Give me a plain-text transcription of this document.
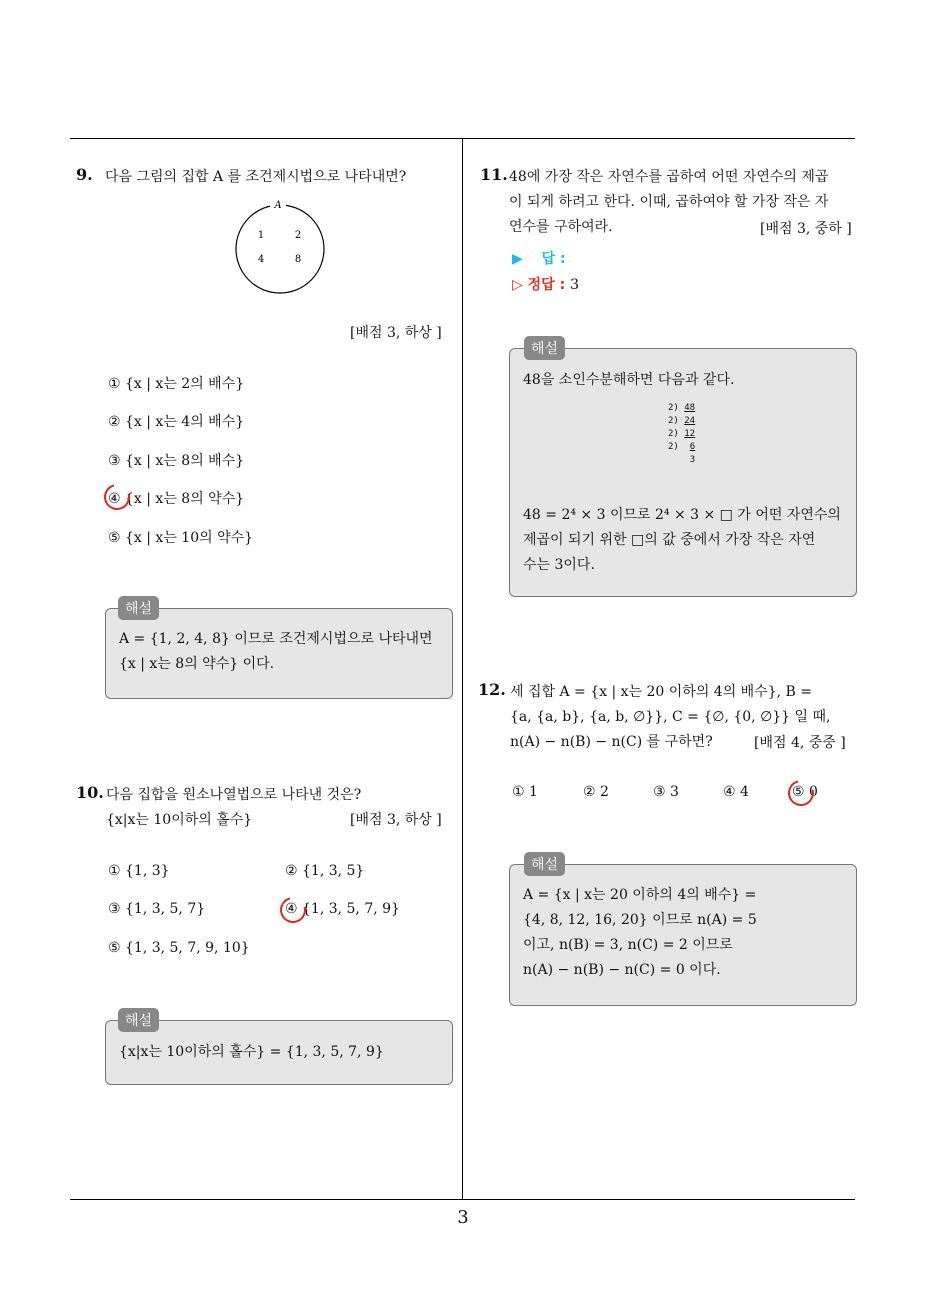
3
9. 다음 그림의 집합 A 를 조건제시법으로 나타내면?
A
1	2
4	8
[배점 3, 하상 ]
① {x | x는 2의 배수}
② {x | x는 4의 배수}
③ {x | x는 8의 배수}
④ {x | x는 8의 약수}
⑤ {x | x는 10의 약수}
해설
A = {1, 2, 4, 8} 이므로 조건제시법으로 나타내면
{x | x는 8의 약수} 이다.
10. 다음 집합을 원소나열법으로 나타낸 것은?
{x|x는 10이하의 홀수}	[배점 3, 하상 ]
① {1, 3}	② {1, 3, 5}
③ {1, 3, 5, 7}	④ {1, 3, 5, 7, 9}
⑤ {1, 3, 5, 7, 9, 10}
해설
{x|x는 10이하의 홀수} = {1, 3, 5, 7, 9}
11. 48에 가장 작은 자연수를 곱하여 어떤 자연수의 제곱
이 되게 하려고 한다. 이때, 곱하여야 할 가장 작은 자
연수를 구하여라.	[배점 3, 중하 ]
▶ 답 :
▷ 정답 : 3
해설
48을 소인수분해하면 다음과 같다.
2) 48
2) 24
2) 12
2)  6
3
48 = 2⁴ × 3 이므로 2⁴ × 3 × □ 가 어떤 자연수의
제곱이 되기 위한 □의 값 중에서 가장 작은 자연
수는 3이다.
12. 세 집합 A = {x | x는 20 이하의 4의 배수}, B =
{a, {a, b}, {a, b, ∅}}, C = {∅, {0, ∅}} 일 때,
n(A) − n(B) − n(C) 를 구하면?	[배점 4, 중중 ]
① 1	② 2	③ 3	④ 4	⑤ 0
해설
A = {x | x는 20 이하의 4의 배수} =
{4, 8, 12, 16, 20} 이므로 n(A) = 5
이고, n(B) = 3, n(C) = 2 이므로
n(A) − n(B) − n(C) = 0 이다.
